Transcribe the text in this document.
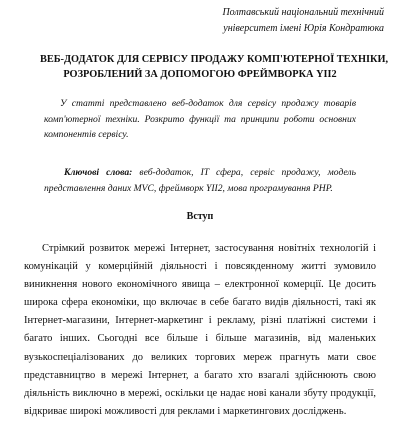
Полтавський національний технічний
університет імені Юрія Кондратюка
ВЕБ-ДОДАТОК ДЛЯ СЕРВІСУ ПРОДАЖУ КОМП'ЮТЕРНОЇ ТЕХНІКИ,
РОЗРОБЛЕНИЙ ЗА ДОПОМОГОЮ ФРЕЙМВОРКА YII2

У статті представлено веб-додаток для сервісу продажу товарів комп'ютерної техніки. Розкрито функції та принципи роботи основних компонентів сервісу.

Ключові слова: веб-додаток, IT сфера, сервіс продажу, модель представлення даних MVC, фреймворк YII2, мова програмування PHP.

Вступ

Стрімкий розвиток мережі Інтернет, застосування новітніх технологій і комунікацій у комерційній діяльності і повсякденному житті зумовило виникнення нового економічного явища – електронної комерції. Це досить широка сфера економіки, що включає в себе багато видів діяльності, такі як Інтернет-магазини, Інтернет-маркетинг і рекламу, різні платіжні системи і багато інших. Сьогодні все більше і більше магазинів, від маленьких вузькоспеціалізованих до великих торгових мереж прагнуть мати своє представництво в мережі Інтернет, а багато хто взагалі здійснюють свою діяльність виключно в мережі, оскільки це надає нові канали збуту продукції, відкриває широкі можливості для реклами і маркетингових досліджень.
